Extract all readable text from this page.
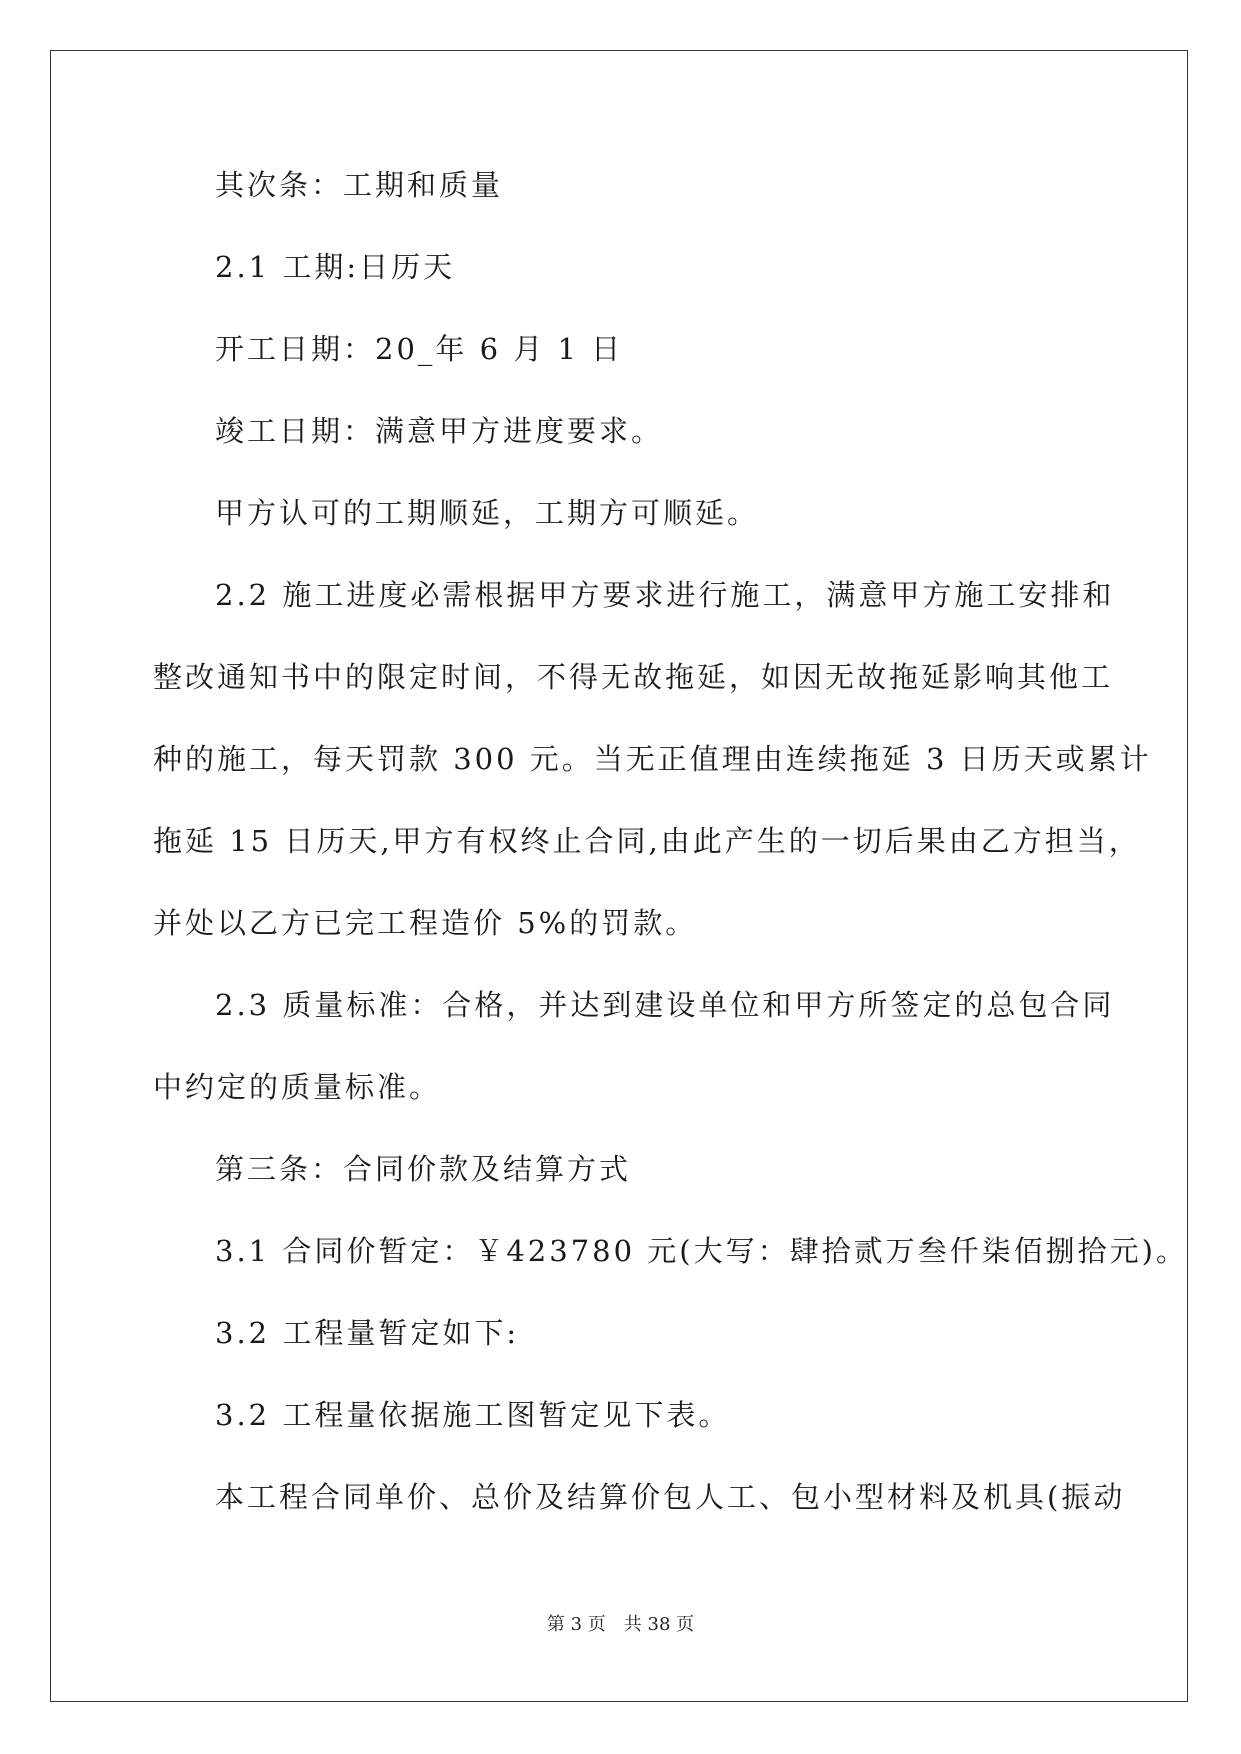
其次条：工期和质量
2.1 工期:日历天
开工日期：20_年 6 月 1 日
竣工日期：满意甲方进度要求。
甲方认可的工期顺延，工期方可顺延。
2.2 施工进度必需根据甲方要求进行施工，满意甲方施工安排和
整改通知书中的限定时间，不得无故拖延，如因无故拖延影响其他工
种的施工，每天罚款 300 元。当无正值理由连续拖延 3 日历天或累计
拖延 15 日历天,甲方有权终止合同,由此产生的一切后果由乙方担当，
并处以乙方已完工程造价 5%的罚款。
2.3 质量标准：合格，并达到建设单位和甲方所签定的总包合同
中约定的质量标准。
第三条：合同价款及结算方式
3.1 合同价暂定：￥423780 元(大写：肆拾贰万叁仟柒佰捌拾元)。
3.2 工程量暂定如下:
3.2 工程量依据施工图暂定见下表。
本工程合同单价、总价及结算价包人工、包小型材料及机具(振动
第 3 页　共 38 页
